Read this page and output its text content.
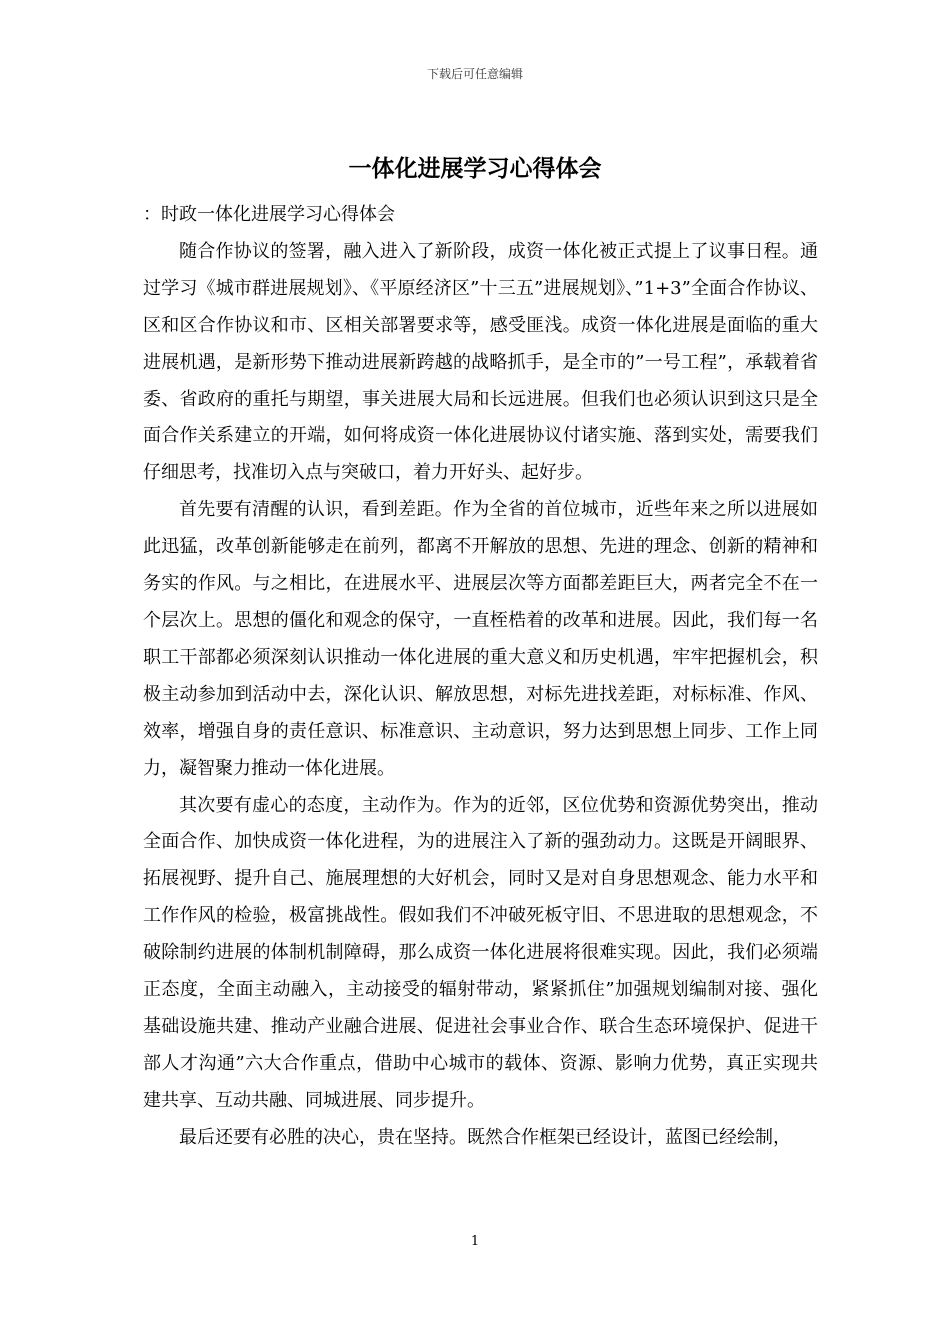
下载后可任意编辑
一体化进展学习心得体会

：时政一体化进展学习心得体会

随合作协议的签署，融入进入了新阶段，成资一体化被正式提上了议事日程。通过学习《城市群进展规划》、《平原经济区”十三五”进展规划》、”1+3”全面合作协议、区和区合作协议和市、区相关部署要求等，感受匪浅。成资一体化进展是面临的重大进展机遇，是新形势下推动进展新跨越的战略抓手，是全市的”一号工程”，承载着省委、省政府的重托与期望，事关进展大局和长远进展。但我们也必须认识到这只是全面合作关系建立的开端，如何将成资一体化进展协议付诸实施、落到实处，需要我们仔细思考，找准切入点与突破口，着力开好头、起好步。

首先要有清醒的认识，看到差距。作为全省的首位城市，近些年来之所以进展如此迅猛，改革创新能够走在前列，都离不开解放的思想、先进的理念、创新的精神和务实的作风。与之相比，在进展水平、进展层次等方面都差距巨大，两者完全不在一个层次上。思想的僵化和观念的保守，一直桎梏着的改革和进展。因此，我们每一名职工干部都必须深刻认识推动一体化进展的重大意义和历史机遇，牢牢把握机会，积极主动参加到活动中去，深化认识、解放思想，对标先进找差距，对标标准、作风、效率，增强自身的责任意识、标准意识、主动意识，努力达到思想上同步、工作上同力，凝智聚力推动一体化进展。

其次要有虚心的态度，主动作为。作为的近邻，区位优势和资源优势突出，推动全面合作、加快成资一体化进程，为的进展注入了新的强劲动力。这既是开阔眼界、拓展视野、提升自己、施展理想的大好机会，同时又是对自身思想观念、能力水平和工作作风的检验，极富挑战性。假如我们不冲破死板守旧、不思进取的思想观念，不破除制约进展的体制机制障碍，那么成资一体化进展将很难实现。因此，我们必须端正态度，全面主动融入，主动接受的辐射带动，紧紧抓住”加强规划编制对接、强化基础设施共建、推动产业融合进展、促进社会事业合作、联合生态环境保护、促进干部人才沟通”六大合作重点，借助中心城市的载体、资源、影响力优势，真正实现共建共享、互动共融、同城进展、同步提升。

最后还要有必胜的决心，贵在坚持。既然合作框架已经设计，蓝图已经绘制，

1
